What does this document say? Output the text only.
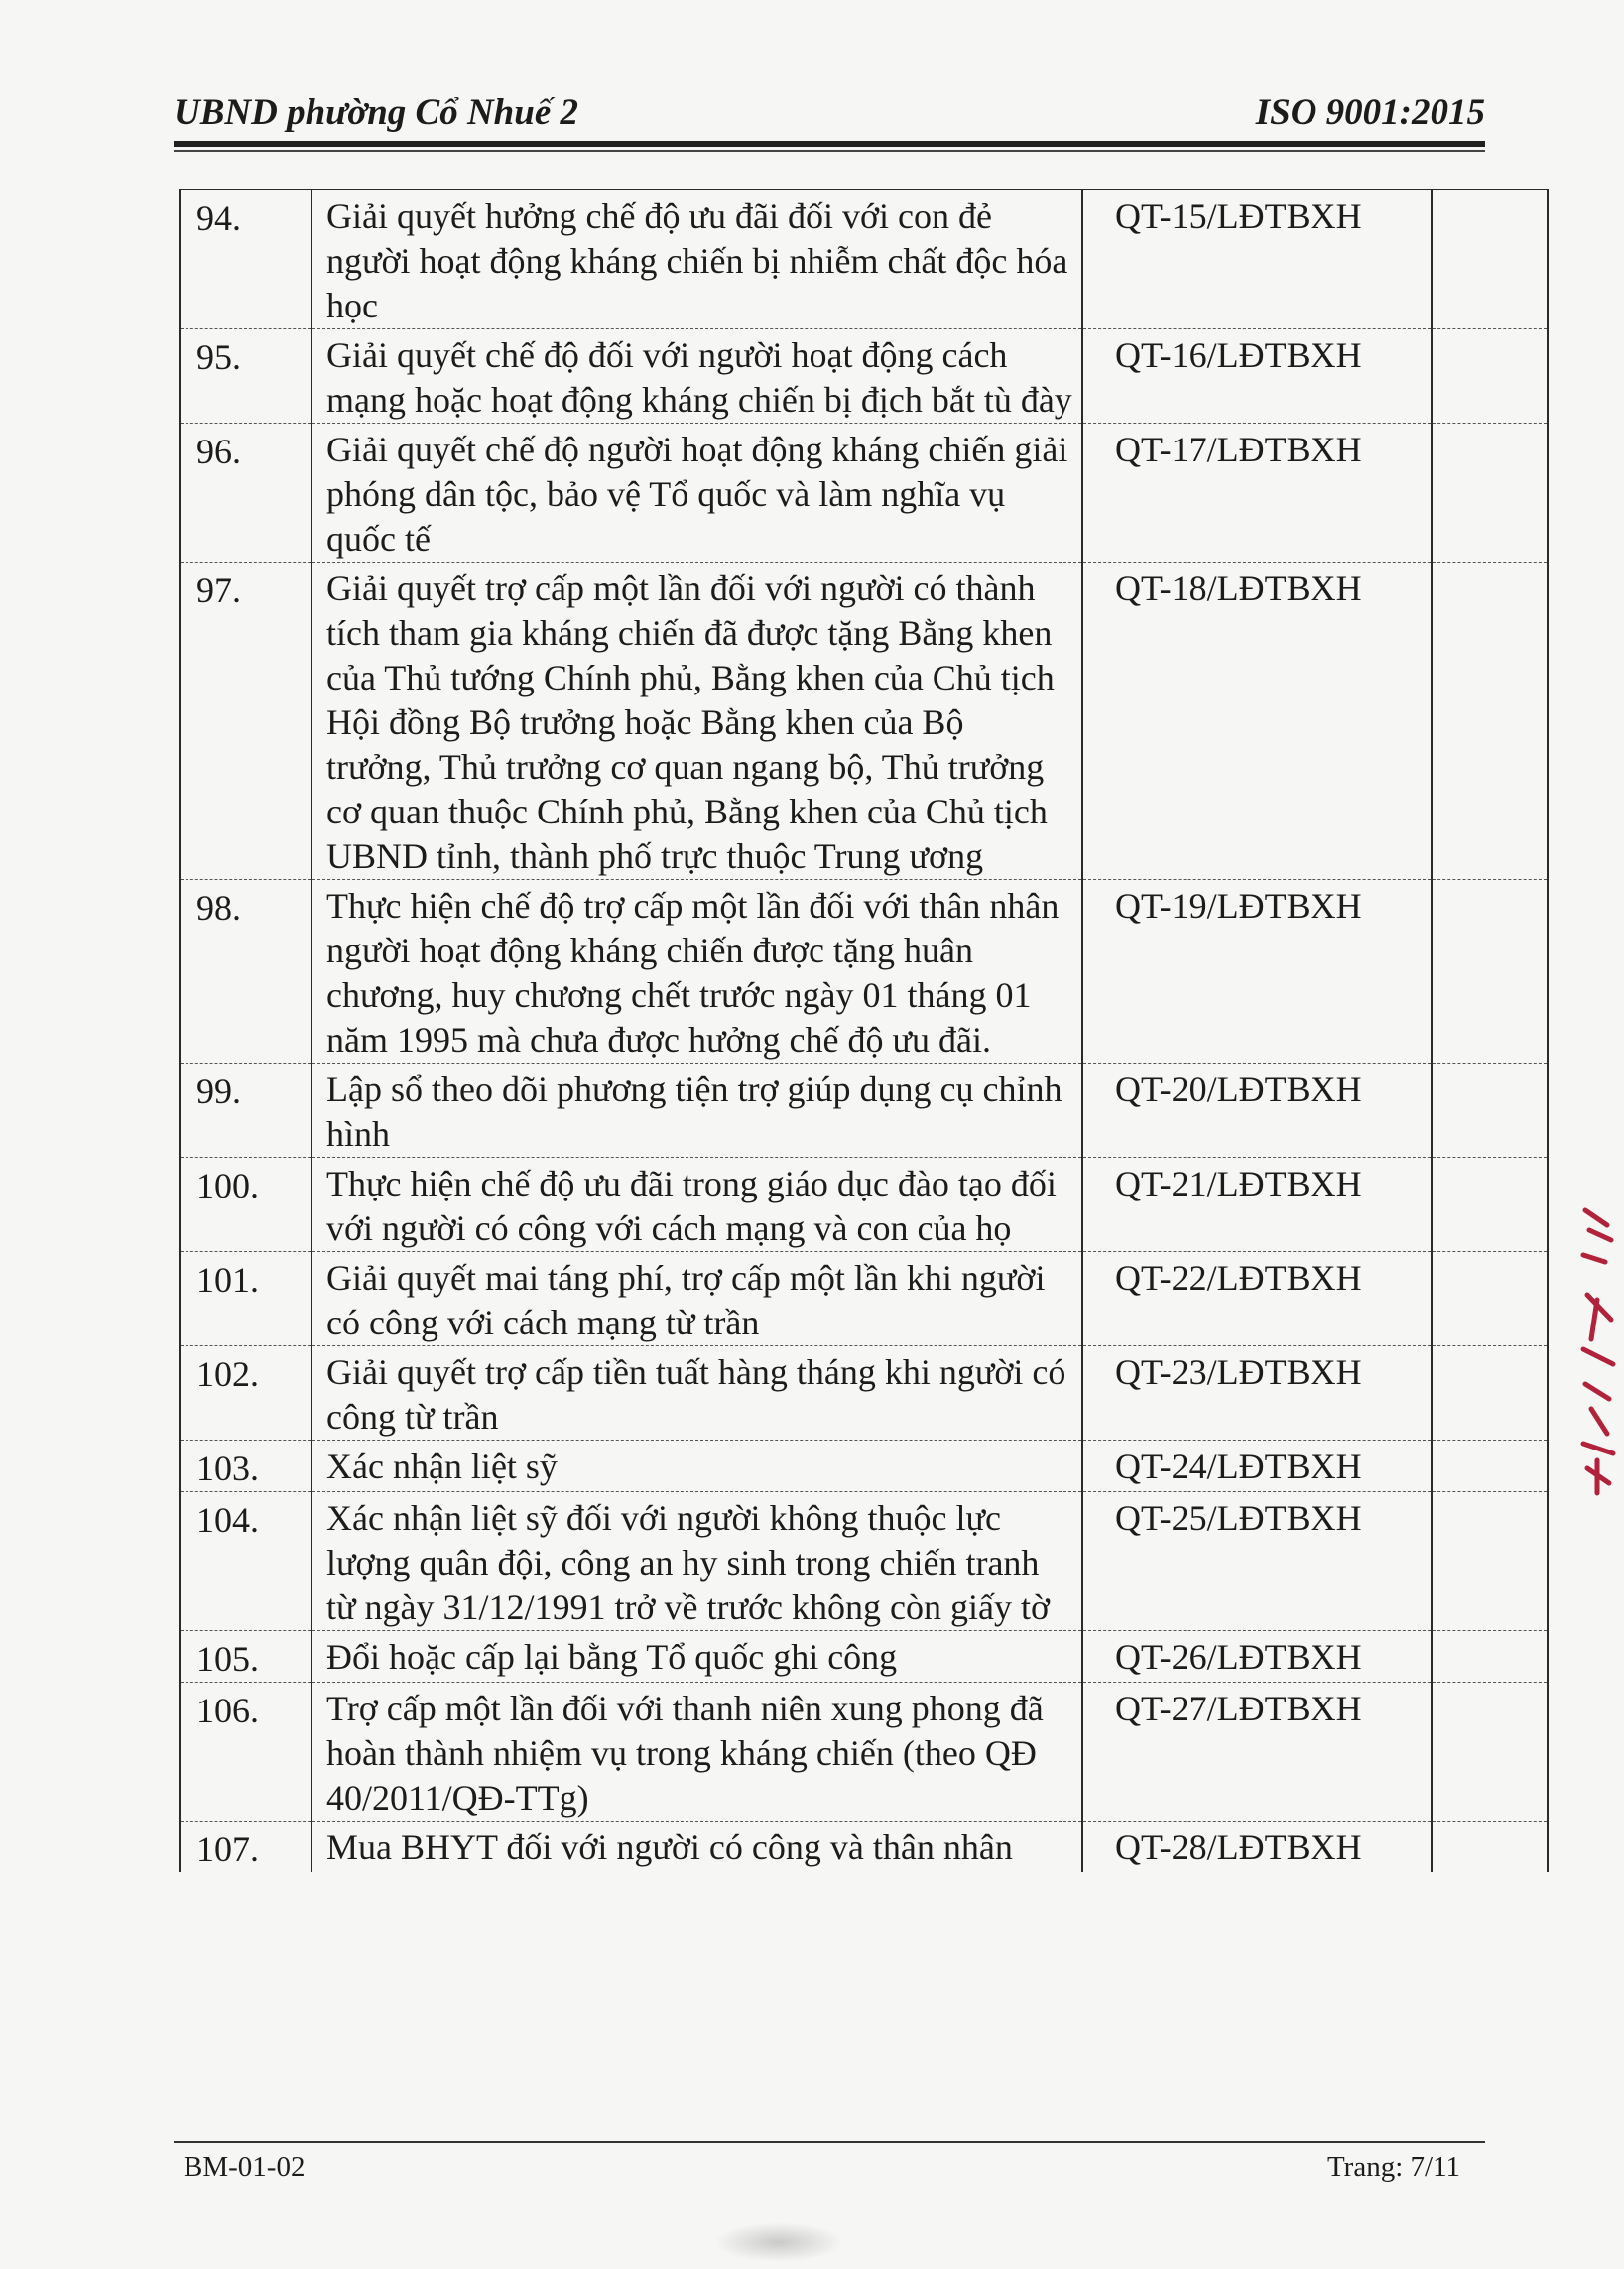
UBND phường Cổ Nhuế 2	ISO 9001:2015
94.	Giải quyết hưởng chế độ ưu đãi đối với con đẻ người hoạt động kháng chiến bị nhiễm chất độc hóa học	QT-15/LĐTBXH	
95.	Giải quyết chế độ đối với người hoạt động cách mạng hoặc hoạt động kháng chiến bị địch bắt tù đày	QT-16/LĐTBXH	
96.	Giải quyết chế độ người hoạt động kháng chiến giải phóng dân tộc, bảo vệ Tổ quốc và làm nghĩa vụ quốc tế	QT-17/LĐTBXH	
97.	Giải quyết trợ cấp một lần đối với người có thành tích tham gia kháng chiến đã được tặng Bằng khen của Thủ tướng Chính phủ, Bằng khen của Chủ tịch Hội đồng Bộ trưởng hoặc Bằng khen của Bộ trưởng, Thủ trưởng cơ quan ngang bộ, Thủ trưởng cơ quan thuộc Chính phủ, Bằng khen của Chủ tịch UBND tỉnh, thành phố trực thuộc Trung ương	QT-18/LĐTBXH	
98.	Thực hiện chế độ trợ cấp một lần đối với thân nhân người hoạt động kháng chiến được tặng huân chương, huy chương chết trước ngày 01 tháng 01 năm 1995 mà chưa được hưởng chế độ ưu đãi.	QT-19/LĐTBXH	
99.	Lập sổ theo dõi phương tiện trợ giúp dụng cụ chỉnh hình	QT-20/LĐTBXH	
100.	Thực hiện chế độ ưu đãi trong giáo dục đào tạo đối với người có công với cách mạng và con của họ	QT-21/LĐTBXH	
101.	Giải quyết mai táng phí, trợ cấp một lần khi người có công với cách mạng từ trần	QT-22/LĐTBXH	
102.	Giải quyết trợ cấp tiền tuất hàng tháng khi người có công từ trần	QT-23/LĐTBXH	
103.	Xác nhận liệt sỹ	QT-24/LĐTBXH	
104.	Xác nhận liệt sỹ đối với người không thuộc lực lượng quân đội, công an hy sinh trong chiến tranh từ ngày 31/12/1991 trở về trước không còn giấy tờ	QT-25/LĐTBXH	
105.	Đổi hoặc cấp lại bằng Tổ quốc ghi công	QT-26/LĐTBXH	
106.	Trợ cấp một lần đối với thanh niên xung phong đã hoàn thành nhiệm vụ trong kháng chiến (theo QĐ 40/2011/QĐ-TTg)	QT-27/LĐTBXH	
107.	Mua BHYT đối với người có công và thân nhân	QT-28/LĐTBXH	
BM-01-02	Trang: 7/11
